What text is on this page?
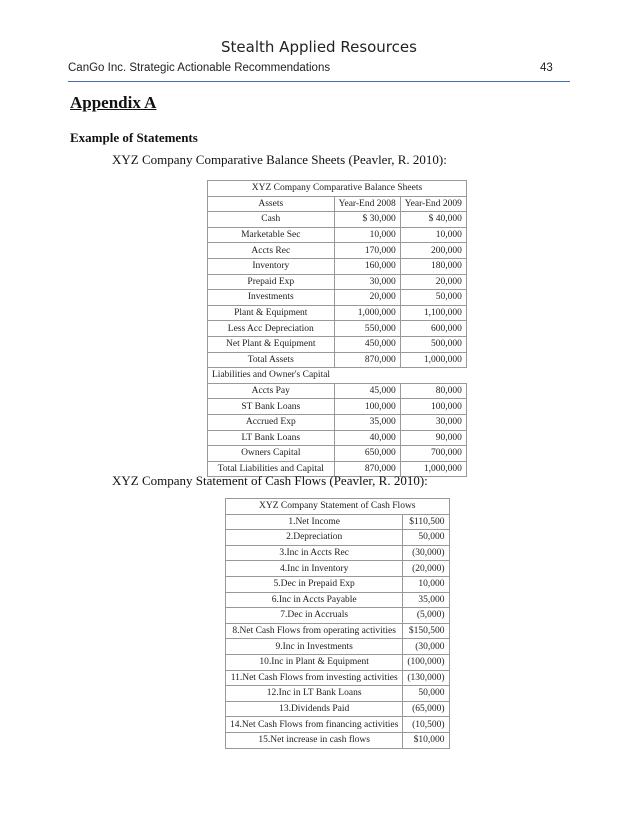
Stealth Applied Resources
CanGo Inc. Strategic Actionable Recommendations	43
Appendix A
Example of Statements
XYZ Company Comparative Balance Sheets (Peavler, R. 2010):
XYZ Company Comparative Balance Sheets		
Assets	Year-End 2008	Year-End 2009
Cash	$ 30,000	$ 40,000
Marketable Sec	10,000	10,000
Accts Rec	170,000	200,000
Inventory	160,000	180,000
Prepaid Exp	30,000	20,000
Investments	20,000	50,000
Plant & Equipment	1,000,000	1,100,000
Less Acc Depreciation	550,000	600,000
Net Plant & Equipment	450,000	500,000
Total Assets	870,000	1,000,000
Liabilities and Owner's Capital		
Accts Pay	45,000	80,000
ST Bank Loans	100,000	100,000
Accrued Exp	35,000	30,000
LT Bank Loans	40,000	90,000
Owners Capital	650,000	700,000
Total Liabilities and Capital	870,000	1,000,000
XYZ Company Statement of Cash Flows (Peavler, R. 2010):
XYZ Company Statement of Cash Flows	
1.Net Income	$110,500
2.Depreciation	50,000
3.Inc in Accts Rec	(30,000)
4.Inc in Inventory	(20,000)
5.Dec in Prepaid Exp	10,000
6.Inc in Accts Payable	35,000
7.Dec in Accruals	(5,000)
8.Net Cash Flows from operating activities	$150,500
9.Inc in Investments	(30,000
10.Inc in Plant & Equipment	(100,000)
11.Net Cash Flows from investing activities	(130,000)
12.Inc in LT Bank Loans	50,000
13.Dividends Paid	(65,000)
14.Net Cash Flows from financing activities	(10,500)
15.Net increase in cash flows	$10,000
